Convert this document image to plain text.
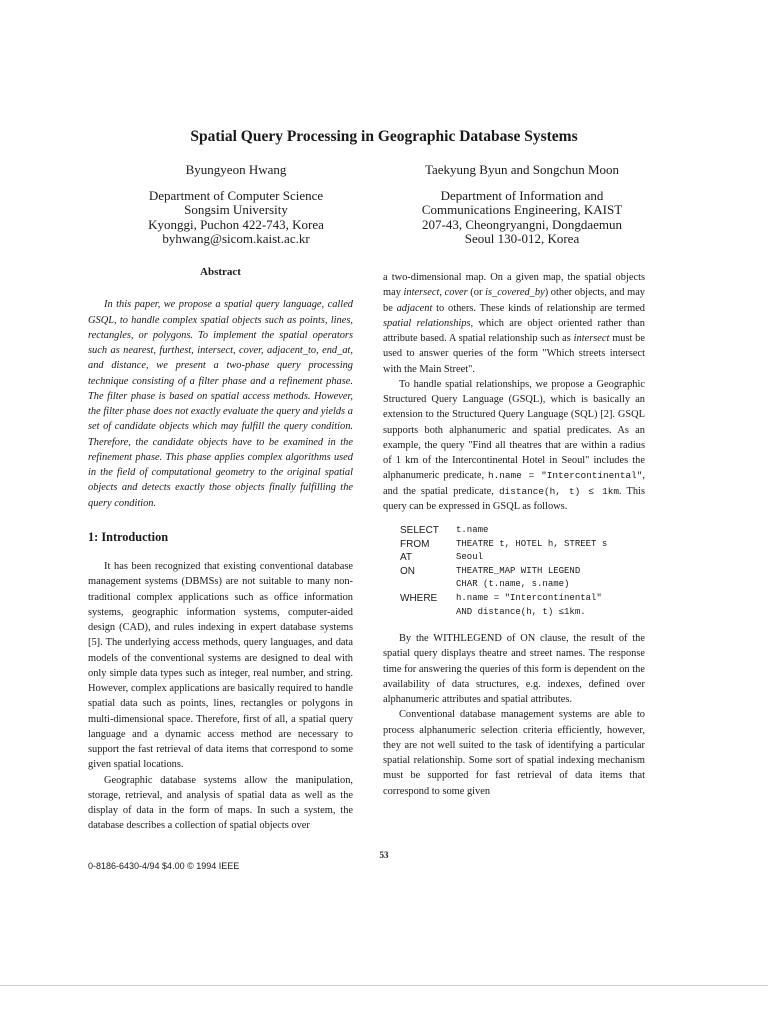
Spatial Query Processing in Geographic Database Systems
Byungyeon Hwang
Department of Computer Science
Songsim University
Kyonggi, Puchon 422-743, Korea
byhwang@sicom.kaist.ac.kr
Taekyung Byun and Songchun Moon
Department of Information and
Communications Engineering, KAIST
207-43, Cheongryangni, Dongdaemun
Seoul 130-012, Korea
Abstract

In this paper, we propose a spatial query language, called GSQL, to handle complex spatial objects such as points, lines, rectangles, or polygons. To implement the spatial operators such as nearest, furthest, intersect, cover, adjacent_to, end_at, and distance, we present a two-phase query processing technique consisting of a filter phase and a refinement phase. The filter phase is based on spatial access methods. However, the filter phase does not exactly evaluate the query and yields a set of candidate objects which may fulfill the query condition. Therefore, the candidate objects have to be examined in the refinement phase. This phase applies complex algorithms used in the field of computational geometry to the original spatial objects and detects exactly those objects finally fulfilling the query condition.

1: Introduction

It has been recognized that existing conventional database management systems (DBMSs) are not suitable to many non-traditional complex applications such as office information systems, geographic information systems, computer-aided design (CAD), and rules indexing in expert database systems [5]. The underlying access methods, query languages, and data models of the conventional systems are designed to deal with only simple data types such as integer, real number, and string. However, complex applications are basically required to handle spatial data such as points, lines, rectangles or polygons in multi-dimensional space. Therefore, first of all, a spatial query language and a dynamic access method are necessary to support the fast retrieval of data items that correspond to some given spatial locations.

Geographic database systems allow the manipulation, storage, retrieval, and analysis of spatial data as well as the display of data in the form of maps. In such a system, the database describes a collection of spatial objects over

a two-dimensional map. On a given map, the spatial objects may intersect, cover (or is_covered_by) other objects, and may be adjacent to others. These kinds of relationship are termed spatial relationships, which are object oriented rather than attribute based. A spatial relationship such as intersect must be used to answer queries of the form "Which streets intersect with the Main Street".

To handle spatial relationships, we propose a Geographic Structured Query Language (GSQL), which is basically an extension to the Structured Query Language (SQL) [2]. GSQL supports both alphanumeric and spatial predicates. As an example, the query "Find all theatres that are within a radius of 1 km of the Intercontinental Hotel in Seoul" includes the alphanumeric predicate, h.name = "Intercontinental", and the spatial predicate, distance(h, t) ≤ 1km. This query can be expressed in GSQL as follows.

SELECT	t.name
FROM	THEATRE t, HOTEL h, STREET s
AT	Seoul
ON	THEATRE_MAP WITH LEGEND
CHAR (t.name, s.name)
WHERE	h.name = "Intercontinental"
AND distance(h, t) ≤1km.

By the WITHLEGEND of ON clause, the result of the spatial query displays theatre and street names. The response time for answering the queries of this form is dependent on the availability of data structures, e.g. indexes, defined over alphanumeric attributes and spatial attributes.

Conventional database management systems are able to process alphanumeric selection criteria efficiently, however, they are not well suited to the task of identifying a particular spatial relationship. Some sort of spatial indexing mechanism must be supported for fast retrieval of data items that correspond to some given

53
0-8186-6430-4/94 $4.00 © 1994 IEEE
